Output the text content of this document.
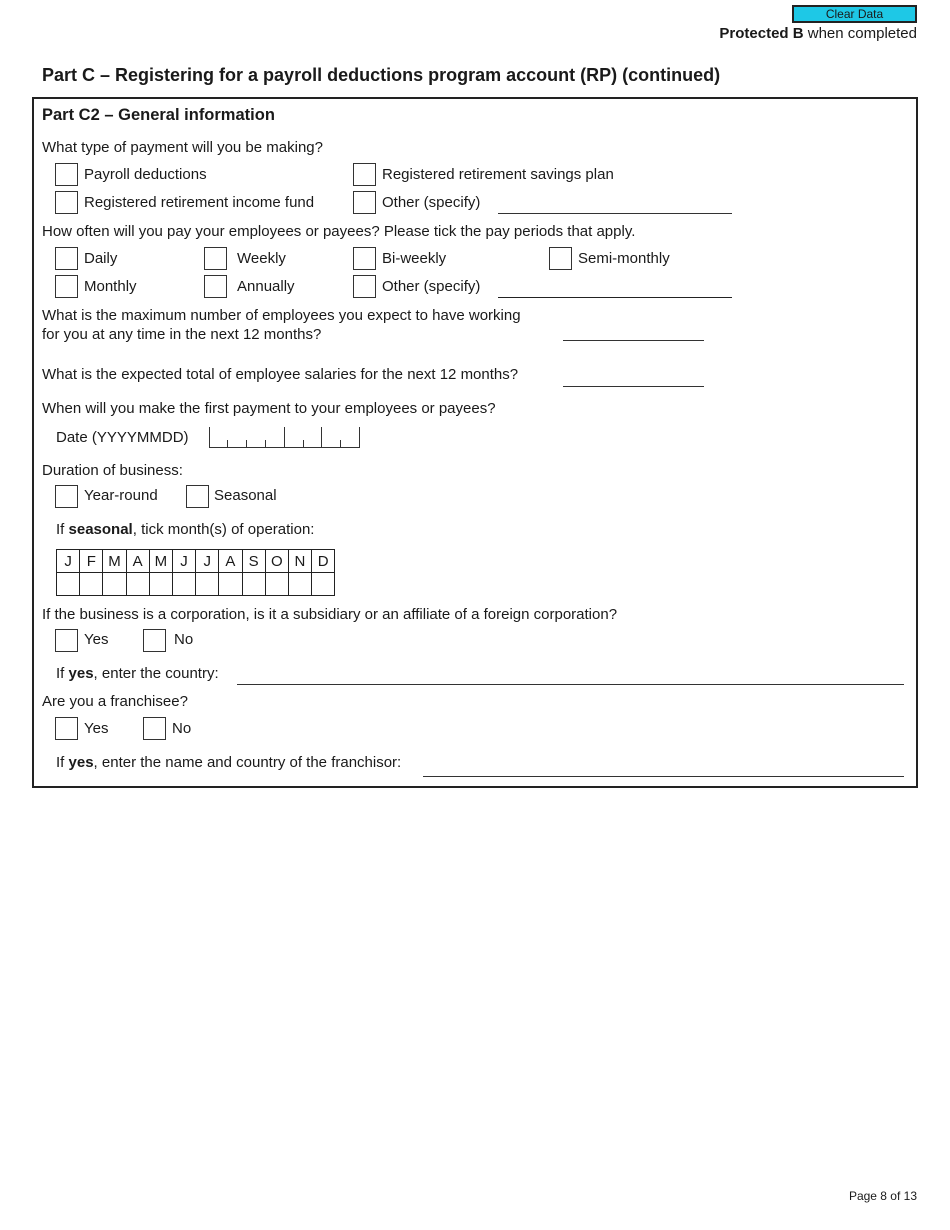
Clear Data
Protected B when completed
Part C – Registering for a payroll deductions program account (RP) (continued)
Part C2 – General information
What type of payment will you be making?
Payroll deductions	Registered retirement savings plan
Registered retirement income fund	Other (specify)
How often will you pay your employees or payees? Please tick the pay periods that apply.
Daily	Weekly	Bi-weekly	Semi-monthly
Monthly	Annually	Other (specify)
What is the maximum number of employees you expect to have working
for you at any time in the next 12 months?
What is the expected total of employee salaries for the next 12 months?
When will you make the first payment to your employees or payees?
Date (YYYYMMDD)
Duration of business:
Year-round	Seasonal
If seasonal, tick month(s) of operation:
J	F	M	A	M	J	J	A	S	O	N	D

If the business is a corporation, is it a subsidiary or an affiliate of a foreign corporation?
Yes	No
If yes, enter the country:
Are you a franchisee?
Yes	No
If yes, enter the name and country of the franchisor:
Page 8 of 13
